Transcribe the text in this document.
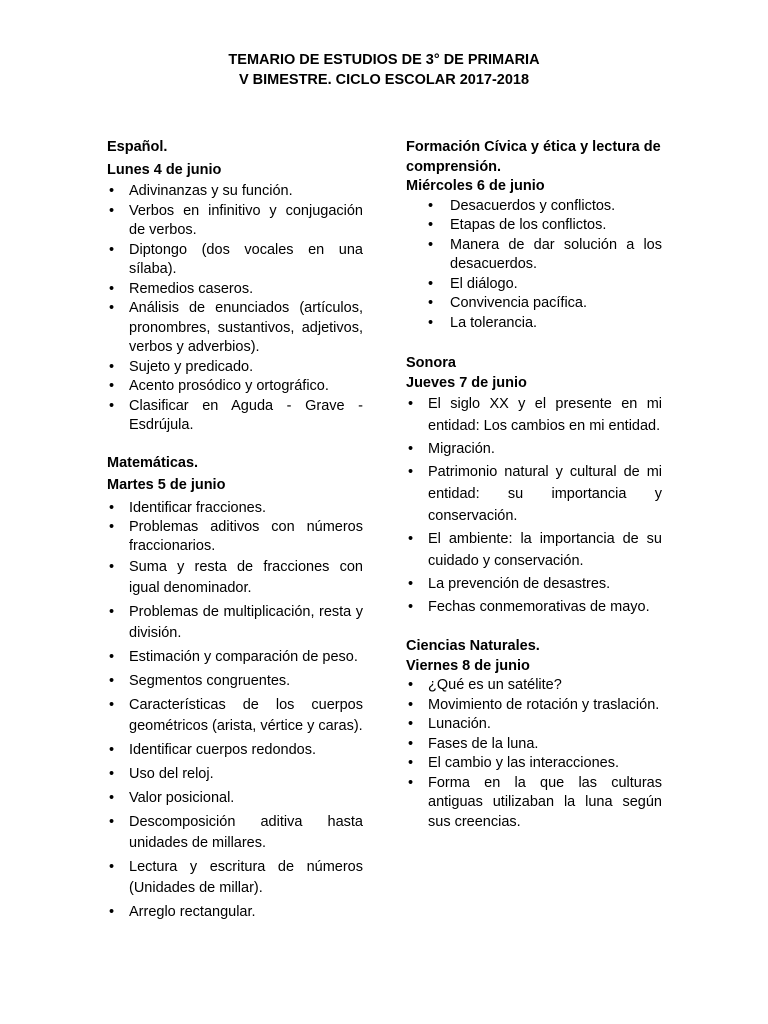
TEMARIO DE ESTUDIOS DE 3° DE PRIMARIA
V BIMESTRE. CICLO ESCOLAR 2017-2018
Español.
Lunes 4 de junio
• Adivinanzas y su función.
• Verbos en infinitivo y conjugación de verbos.
• Diptongo (dos vocales en una sílaba).
• Remedios caseros.
• Análisis de enunciados (artículos, pronombres, sustantivos, adjetivos, verbos y adverbios).
• Sujeto y predicado.
• Acento prosódico y ortográfico.
• Clasificar en Aguda - Grave - Esdrújula.
Matemáticas.
Martes 5 de junio
• Identificar fracciones.
• Problemas aditivos con números fraccionarios.
• Suma y resta de fracciones con igual denominador.
• Problemas de multiplicación, resta y división.
• Estimación y comparación de peso.
• Segmentos congruentes.
• Características de los cuerpos geométricos (arista, vértice y caras).
• Identificar cuerpos redondos.
• Uso del reloj.
• Valor posicional.
• Descomposición aditiva hasta unidades de millares.
• Lectura y escritura de números (Unidades de millar).
• Arreglo rectangular.
Formación Cívica y ética y lectura de comprensión.
Miércoles 6 de junio
• Desacuerdos y conflictos.
• Etapas de los conflictos.
• Manera de dar solución a los desacuerdos.
• El diálogo.
• Convivencia pacífica.
• La tolerancia.
Sonora
Jueves 7 de junio
• El siglo XX y el presente en mi entidad: Los cambios en mi entidad.
• Migración.
• Patrimonio natural y cultural de mi entidad: su importancia y conservación.
• El ambiente: la importancia de su cuidado y conservación.
• La prevención de desastres.
• Fechas conmemorativas de mayo.
Ciencias Naturales.
Viernes 8 de junio
• ¿Qué es un satélite?
• Movimiento de rotación y traslación.
• Lunación.
• Fases de la luna.
• El cambio y las interacciones.
• Forma en la que las culturas antiguas utilizaban la luna según sus creencias.
